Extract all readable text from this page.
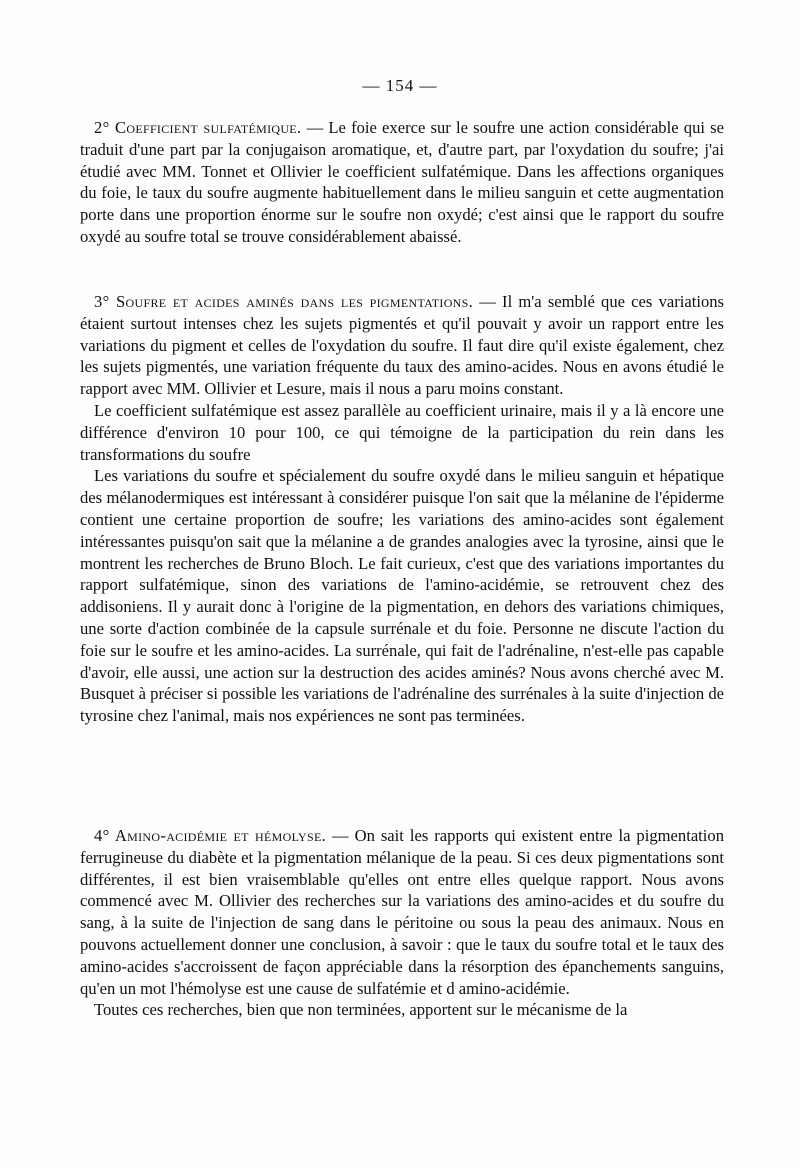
— 154 —

2° Coefficient sulfatémique. — Le foie exerce sur le soufre une action considérable qui se traduit d'une part par la conjugaison aromatique, et, d'autre part, par l'oxydation du soufre; j'ai étudié avec MM. Tonnet et Ollivier le coefficient sulfatémique. Dans les affections organiques du foie, le taux du soufre augmente habituellement dans le milieu sanguin et cette augmentation porte dans une proportion énorme sur le soufre non oxydé; c'est ainsi que le rapport du soufre oxydé au soufre total se trouve considérablement abaissé.

3° Soufre et acides aminés dans les pigmentations. — Il m'a semblé que ces variations étaient surtout intenses chez les sujets pigmentés et qu'il pouvait y avoir un rapport entre les variations du pigment et celles de l'oxydation du soufre. Il faut dire qu'il existe également, chez les sujets pigmentés, une variation fréquente du taux des amino-acides. Nous en avons étudié le rapport avec MM. Ollivier et Lesure, mais il nous a paru moins constant.

Le coefficient sulfatémique est assez parallèle au coefficient urinaire, mais il y a là encore une différence d'environ 10 pour 100, ce qui témoigne de la participation du rein dans les transformations du soufre

Les variations du soufre et spécialement du soufre oxydé dans le milieu sanguin et hépatique des mélanodermiques est intéressant à considérer puisque l'on sait que la mélanine de l'épiderme contient une certaine proportion de soufre; les variations des amino-acides sont également intéressantes puisqu'on sait que la mélanine a de grandes analogies avec la tyrosine, ainsi que le montrent les recherches de Bruno Bloch. Le fait curieux, c'est que des variations importantes du rapport sulfatémique, sinon des variations de l'amino-acidémie, se retrouvent chez des addisoniens. Il y aurait donc à l'origine de la pigmentation, en dehors des variations chimiques, une sorte d'action combinée de la capsule surrénale et du foie. Personne ne discute l'action du foie sur le soufre et les amino-acides. La surrénale, qui fait de l'adrénaline, n'est-elle pas capable d'avoir, elle aussi, une action sur la destruction des acides aminés? Nous avons cherché avec M. Busquet à préciser si possible les variations de l'adrénaline des surrénales à la suite d'injection de tyrosine chez l'animal, mais nos expériences ne sont pas terminées.

4° Amino-acidémie et hémolyse. — On sait les rapports qui existent entre la pigmentation ferrugineuse du diabète et la pigmentation mélanique de la peau. Si ces deux pigmentations sont différentes, il est bien vraisemblable qu'elles ont entre elles quelque rapport. Nous avons commencé avec M. Ollivier des recherches sur la variations des amino-acides et du soufre du sang, à la suite de l'injection de sang dans le péritoine ou sous la peau des animaux. Nous en pouvons actuellement donner une conclusion, à savoir : que le taux du soufre total et le taux des amino-acides s'accroissent de façon appréciable dans la résorption des épanchements sanguins, qu'en un mot l'hémolyse est une cause de sulfatémie et d amino-acidémie.

Toutes ces recherches, bien que non terminées, apportent sur le mécanisme de la
